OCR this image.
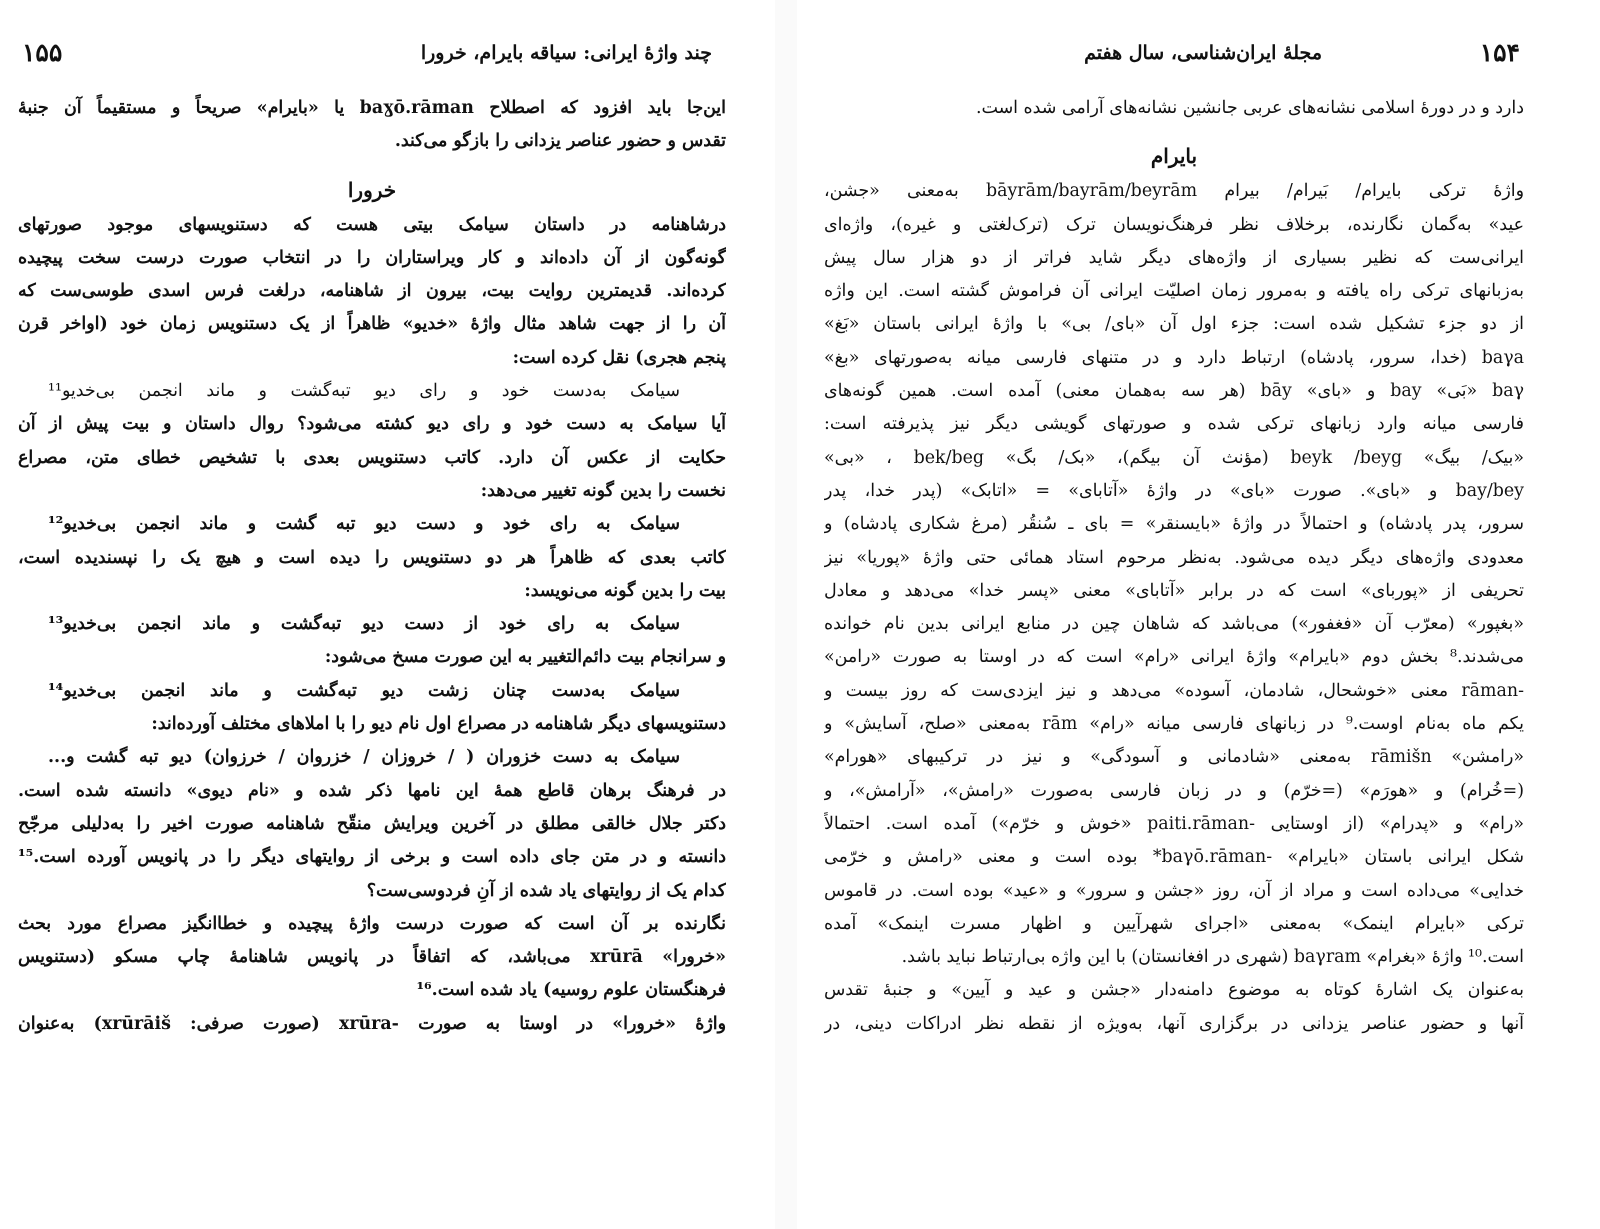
۱۵۵	چند واژهٔ ایرانی: سیاقه بایرام، خرورا
این‌جا باید افزود که اصطلاح baɣō.rāman یا «بایرام» صریحاً و مستقیماً آن جنبهٔ
تقدس و حضور عناصر یزدانی را بازگو می‌کند.
خرورا
درشاهنامه در داستان سیامک بیتی هست که دستنویسهای موجود صورتهای
گونه‌گون از آن داده‌اند و کار ویراستاران را در انتخاب صورت درست سخت پیچیده
کرده‌اند. قدیمترین روایت بیت، بیرون از شاهنامه، درلغت فرس اسدی طوسی‌ست که
آن را از جهت شاهد مثال واژهٔ «خدیو» ظاهراً از یک دستنویس زمان خود (اواخر قرن
پنجم هجری) نقل کرده است:
سیامک به‌دست خود و رای دیو تبه‌گشت و ماند انجمن بی‌خدیو¹¹
آیا سیامک به دست خود و رای دیو کشته می‌شود؟ روال داستان و بیت پیش از آن
حکایت از عکس آن دارد. کاتب دستنویس بعدی با تشخیص خطای متن، مصراع
نخست را بدین گونه تغییر می‌دهد:
سیامک به رای خود و دست دیو تبه گشت و ماند انجمن بی‌خدیو¹²
کاتب بعدی که ظاهراً هر دو دستنویس را دیده است و هیچ یک را نپسندیده است،
بیت را بدین گونه می‌نویسد:
سیامک به رای خود از دست دیو تبه‌گشت و ماند انجمن بی‌خدیو¹³
و سرانجام بیت دائم‌التغییر به این صورت مسخ می‌شود:
سیامک به‌دست چنان زشت دیو تبه‌گشت و ماند انجمن بی‌خدیو¹⁴
دستنویسهای دیگر شاهنامه در مصراع اول نام دیو را با املاهای مختلف آورده‌اند:
سیامک به دست خزوران ( / خروزان / خزروان / خرزوان) دیو تبه گشت و...
در فرهنگ برهان قاطع همهٔ این نامها ذکر شده و «نام دیوی» دانسته شده است.
دکتر جلال خالقی مطلق در آخرین ویرایش منقّح شاهنامه صورت اخیر را به‌دلیلی مرجّح
دانسته و در متن جای داده است و برخی از روایتهای دیگر را در پانویس آورده است.¹⁵
کدام یک از روایتهای یاد شده از آنِ فردوسی‌ست؟
نگارنده بر آن است که صورت درست واژهٔ پیچیده و خطاانگیز مصراع مورد بحث
«خرورا» xrūrā می‌باشد، که اتفاقاً در پانویس شاهنامهٔ چاپ مسکو (دستنویس
فرهنگستان علوم روسیه) یاد شده است.¹⁶
واژهٔ «خرورا» در اوستا به صورت -xrūra (صورت صرفی: xrūrāiš) به‌عنوان
۱۵۴
مجلهٔ ایران‌شناسی، سال هفتم
دارد و در دورهٔ اسلامی نشانه‌های عربی جانشین نشانه‌های آرامی شده است.
بایرام
واژهٔ ترکی بایرام/ بَیرام/ بیرام bāyrām/bayrām/beyrām به‌معنی «جشن،
عید» به‌گمان نگارنده، برخلاف نظر فرهنگ‌نویسان ترک (ترک‌لغتی و غیره)، واژه‌ای
ایرانی‌ست که نظیر بسیاری از واژه‌های دیگر شاید فراتر از دو هزار سال پیش
به‌زبانهای ترکی راه یافته و به‌مرور زمان اصلیّت ایرانی آن فراموش گشته است. این واژه
از دو جزء تشکیل شده است: جزء اول آن «بای/ بی» با واژهٔ ایرانی باستان «بَغ»
baγa (خدا، سرور، پادشاه) ارتباط دارد و در متنهای فارسی میانه به‌صورتهای «بغ»
baγ «بَی» bay و «بای» bāy (هر سه به‌همان معنی) آمده است. همین گونه‌های
فارسی میانه وارد زبانهای ترکی شده و صورتهای گویشی دیگر نیز پذیرفته است:
«بیک/ بیگ» beyk /beyg (مؤنث آن بیگم)، «بک/ بگ» bek/beg ، «بی»
bay/bey و «بای». صورت «بای» در واژهٔ «آتابای» = «اتابک» (پدر خدا، پدر
سرور، پدر پادشاه) و احتمالاً در واژهٔ «بایسنقر» = بای ـ سُنقُر (مرغ شکاری پادشاه) و
معدودی واژه‌های دیگر دیده می‌شود. به‌نظر مرحوم استاد همائی حتی واژهٔ «پوریا» نیز
تحریفی از «پوربای» است که در برابر «آتابای» معنی «پسر خدا» می‌دهد و معادل
«بغپور» (معرّب آن «فغفور») می‌باشد که شاهان چین در منابع ایرانی بدین نام خوانده
می‌شدند.⁸ بخش دوم «بایرام» واژهٔ ایرانی «رام» است که در اوستا به صورت «رامن»
-rāman معنی «خوشحال، شادمان، آسوده» می‌دهد و نیز ایزدی‌ست که روز بیست و
یکم ماه به‌نام اوست.⁹ در زبانهای فارسی میانه «رام» rām به‌معنی «صلح، آسایش» و
«رامشن» rāmišn به‌معنی «شادمانی و آسودگی» و نیز در ترکیبهای «هورام»
(=خُرام) و «هورَم» (=خرّم) و در زبان فارسی به‌صورت «رامش»، «آرامش»، و
«رام» و «پدرام» (از اوستایی -paiti.rāman «خوش و خرّم») آمده است. احتمالاً
شکل ایرانی باستان «بایرام» -baγō.rāman* بوده است و معنی «رامش و خرّمی
خدایی» می‌داده است و مراد از آن، روز «جشن و سرور» و «عید» بوده است. در قاموس
ترکی «بایرام اینمک» به‌معنی «اجرای شهرآیین و اظهار مسرت اینمک» آمده
است.¹⁰ واژهٔ «بغرام» baγram (شهری در افغانستان) با این واژه بی‌ارتباط نباید باشد.
به‌عنوان یک اشارهٔ کوتاه به موضوع دامنه‌دار «جشن و عید و آیین» و جنبهٔ تقدس
آنها و حضور عناصر یزدانی در برگزاری آنها، به‌ویژه از نقطه نظر ادراکات دینی، در
